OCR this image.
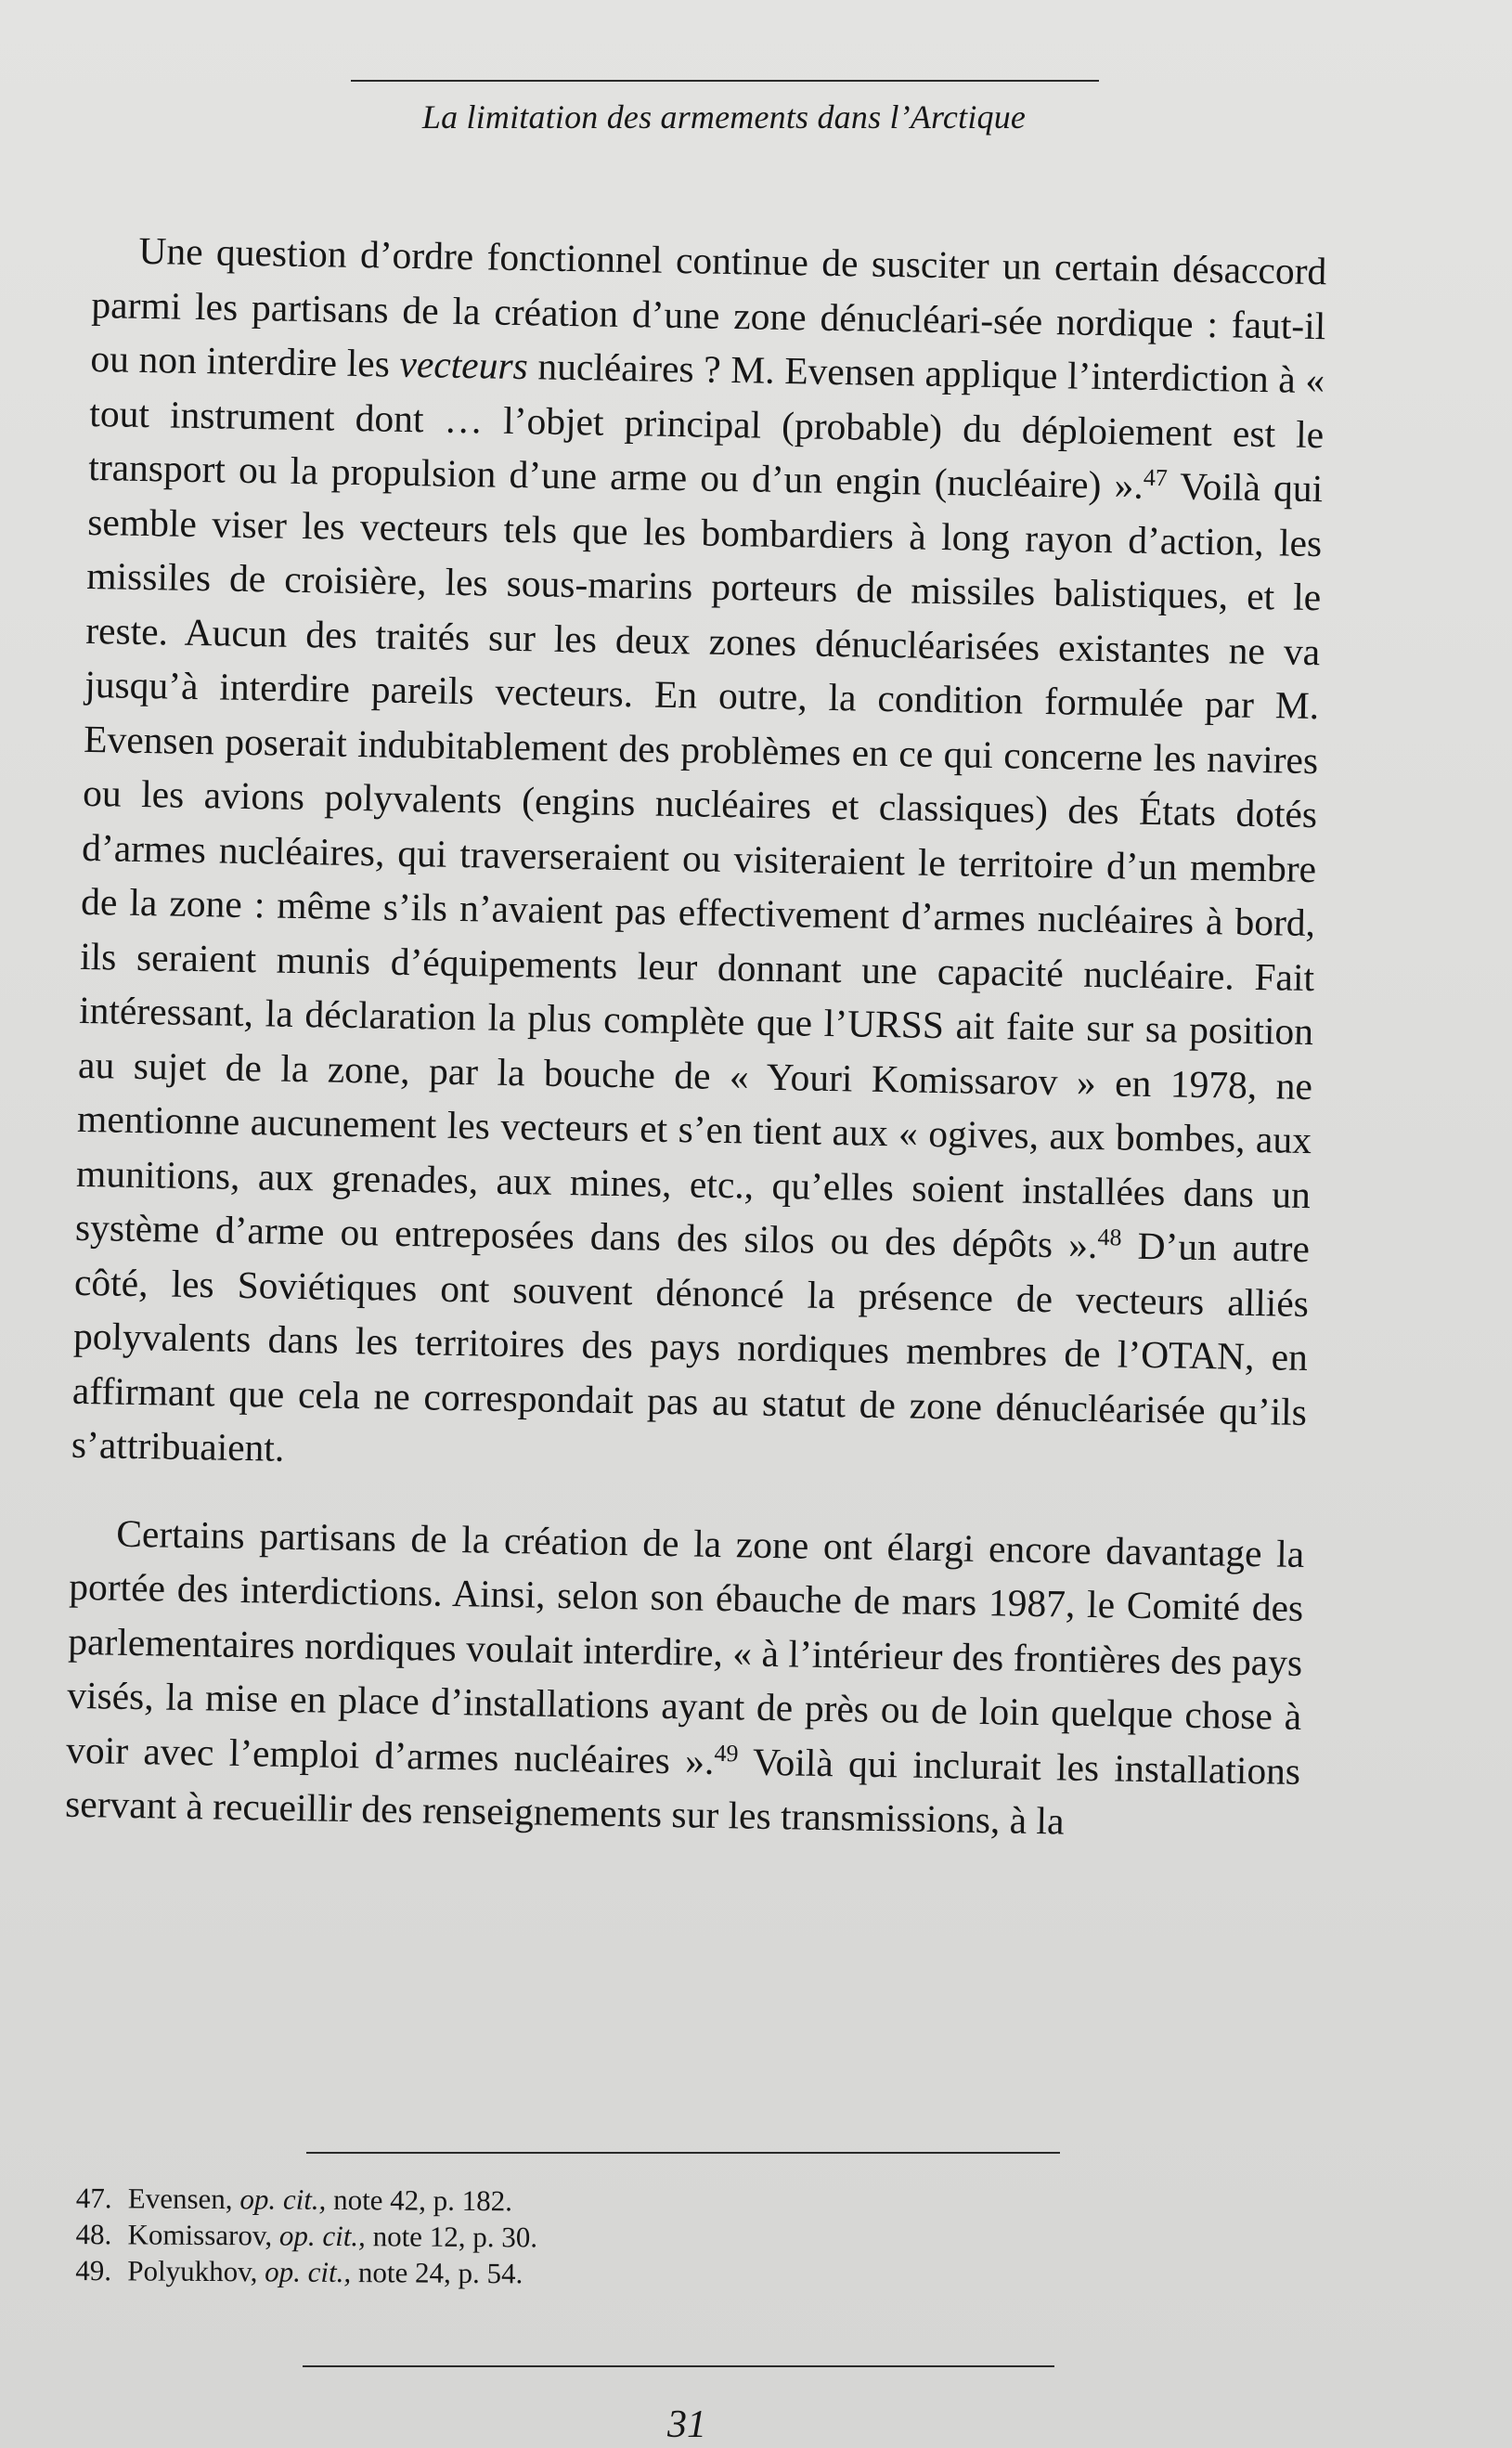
La limitation des armements dans l’Arctique

Une question d’ordre fonctionnel continue de susciter un certain désaccord parmi les partisans de la création d’une zone dénucléari-sée nordique : faut-il ou non interdire les vecteurs nucléaires ? M. Evensen applique l’interdiction à « tout instrument dont … l’objet principal (probable) du déploiement est le transport ou la propulsion d’une arme ou d’un engin (nucléaire) ».$^{47}$ Voilà qui semble viser les vecteurs tels que les bombardiers à long rayon d’action, les missiles de croisière, les sous-marins porteurs de missiles balistiques, et le reste. Aucun des traités sur les deux zones dénucléarisées existantes ne va jusqu’à interdire pareils vecteurs. En outre, la condition formulée par M. Evensen poserait indubitablement des problèmes en ce qui concerne les navires ou les avions polyvalents (engins nucléaires et classiques) des États dotés d’armes nucléaires, qui traverseraient ou visiteraient le territoire d’un membre de la zone : même s’ils n’avaient pas effectivement d’armes nucléaires à bord, ils seraient munis d’équipements leur donnant une capacité nucléaire. Fait intéressant, la déclaration la plus complète que l’URSS ait faite sur sa position au sujet de la zone, par la bouche de « Youri Komissarov » en 1978, ne mentionne aucunement les vecteurs et s’en tient aux « ogives, aux bombes, aux munitions, aux grenades, aux mines, etc., qu’elles soient installées dans un système d’arme ou entreposées dans des silos ou des dépôts ».$^{48}$ D’un autre côté, les Soviétiques ont souvent dénoncé la présence de vecteurs alliés polyvalents dans les territoires des pays nordiques membres de l’OTAN, en affirmant que cela ne correspondait pas au statut de zone dénucléarisée qu’ils s’attribuaient.

Certains partisans de la création de la zone ont élargi encore davantage la portée des interdictions. Ainsi, selon son ébauche de mars 1987, le Comité des parlementaires nordiques voulait interdire, « à l’intérieur des frontières des pays visés, la mise en place d’installations ayant de près ou de loin quelque chose à voir avec l’emploi d’armes nucléaires ».$^{49}$ Voilà qui inclurait les installations servant à recueillir des renseignements sur les transmissions, à la

47. Evensen, op. cit., note 42, p. 182.
48. Komissarov, op. cit., note 12, p. 30.
49. Polyukhov, op. cit., note 24, p. 54.
31
